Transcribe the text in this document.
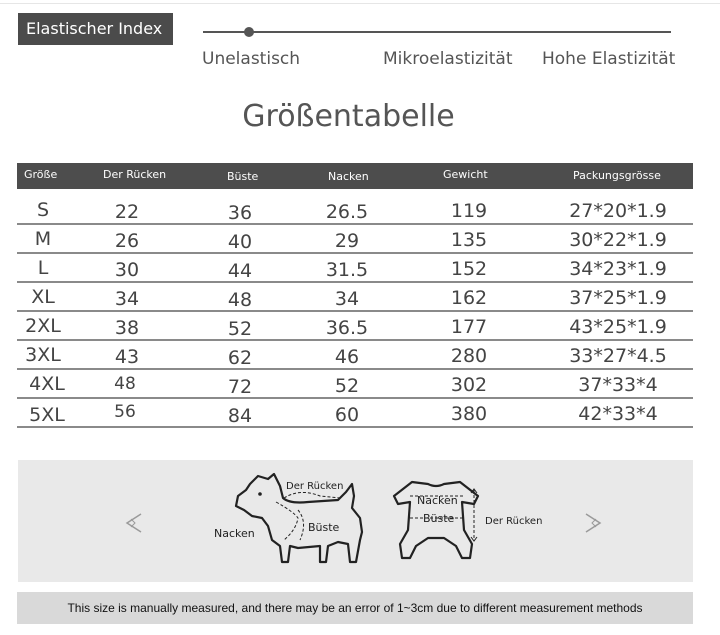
Elastischer Index
Unelastisch	Mikroelastizität Hohe Elastizität
Größentabelle
Größe	Der Rücken	Büste	Nacken	Gewicht	Packungsgrösse
S	22	36	26.5	119	27*20*1.9
M	26	40	29	135	30*22*1.9
L	30	44	31.5	152	34*23*1.9
XL	34	48	34	162	37*25*1.9
2XL	38	52	36.5	177	43*25*1.9
3XL	43	62	46	280	33*27*4.5
4XL	48	72	52	302	37*33*4
5XL	56	84	60	380	42*33*4
Der Rücken
Nacken	Büste
Nacken
Büste	Der Rücken
This size is manually measured, and there may be an error of 1~3cm due to different measurement methods
